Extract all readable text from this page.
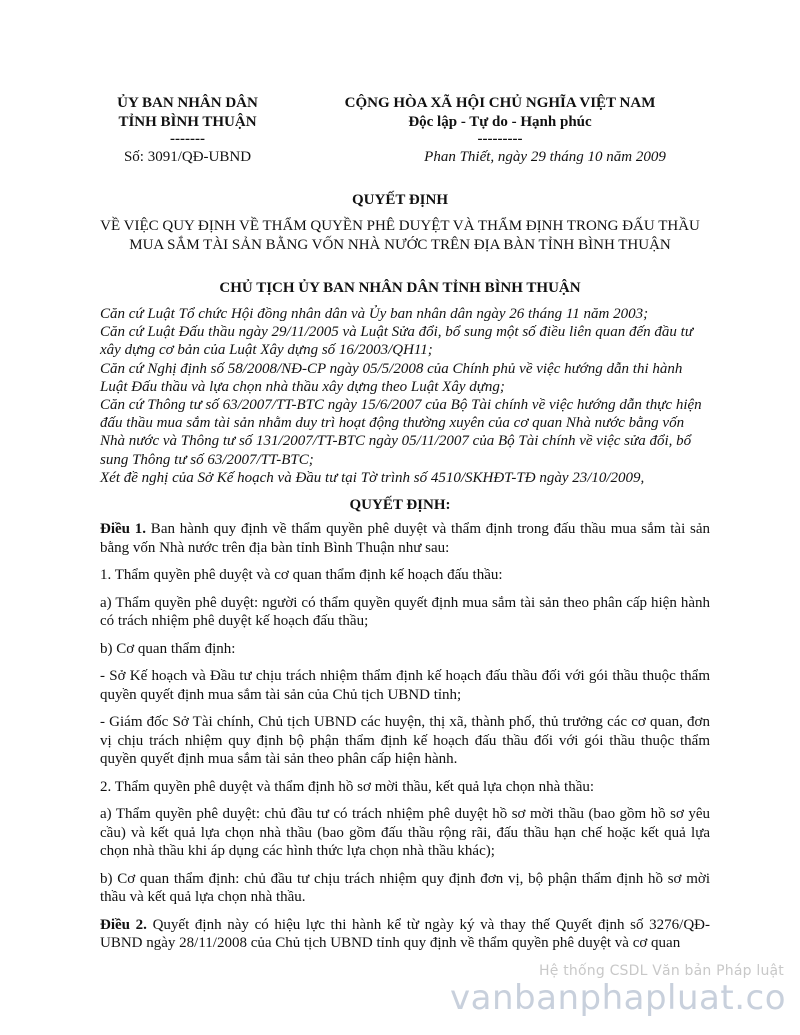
ỦY BAN NHÂN DÂN
TỈNH BÌNH THUẬN
-------
CỘNG HÒA XÃ HỘI CHỦ NGHĨA VIỆT NAM
Độc lập - Tự do - Hạnh phúc
---------
Số: 3091/QĐ-UBND	Phan Thiết, ngày 29 tháng 10 năm 2009
QUYẾT ĐỊNH
VỀ VIỆC QUY ĐỊNH VỀ THẨM QUYỀN PHÊ DUYỆT VÀ THẨM ĐỊNH TRONG ĐẤU THẦU MUA SẮM TÀI SẢN BẰNG VỐN NHÀ NƯỚC TRÊN ĐỊA BÀN TỈNH BÌNH THUẬN
CHỦ TỊCH ỦY BAN NHÂN DÂN TỈNH BÌNH THUẬN

Căn cứ Luật Tổ chức Hội đồng nhân dân và Ủy ban nhân dân ngày 26 tháng 11 năm 2003;

Căn cứ Luật Đấu thầu ngày 29/11/2005 và Luật Sửa đổi, bổ sung một số điều liên quan đến đầu tư xây dựng cơ bản của Luật Xây dựng số 16/2003/QH11;

Căn cứ Nghị định số 58/2008/NĐ-CP ngày 05/5/2008 của Chính phủ về việc hướng dẫn thi hành Luật Đấu thầu và lựa chọn nhà thầu xây dựng theo Luật Xây dựng;

Căn cứ Thông tư số 63/2007/TT-BTC ngày 15/6/2007 của Bộ Tài chính về việc hướng dẫn thực hiện đấu thầu mua sắm tài sản nhằm duy trì hoạt động thường xuyên của cơ quan Nhà nước bằng vốn Nhà nước và Thông tư số 131/2007/TT-BTC ngày 05/11/2007 của Bộ Tài chính về việc sửa đổi, bổ sung Thông tư số 63/2007/TT-BTC;

Xét đề nghị của Sở Kế hoạch và Đầu tư tại Tờ trình số 4510/SKHĐT-TĐ ngày 23/10/2009,

QUYẾT ĐỊNH:

Điều 1. Ban hành quy định về thẩm quyền phê duyệt và thẩm định trong đấu thầu mua sắm tài sản bằng vốn Nhà nước trên địa bàn tỉnh Bình Thuận như sau:

1. Thẩm quyền phê duyệt và cơ quan thẩm định kế hoạch đấu thầu:

a) Thẩm quyền phê duyệt: người có thẩm quyền quyết định mua sắm tài sản theo phân cấp hiện hành có trách nhiệm phê duyệt kế hoạch đấu thầu;

b) Cơ quan thẩm định:

- Sở Kế hoạch và Đầu tư chịu trách nhiệm thẩm định kế hoạch đấu thầu đối với gói thầu thuộc thẩm quyền quyết định mua sắm tài sản của Chủ tịch UBND tỉnh;

- Giám đốc Sở Tài chính, Chủ tịch UBND các huyện, thị xã, thành phố, thủ trưởng các cơ quan, đơn vị chịu trách nhiệm quy định bộ phận thẩm định kế hoạch đấu thầu đối với gói thầu thuộc thẩm quyền quyết định mua sắm tài sản theo phân cấp hiện hành.

2. Thẩm quyền phê duyệt và thẩm định hồ sơ mời thầu, kết quả lựa chọn nhà thầu:

a) Thẩm quyền phê duyệt: chủ đầu tư có trách nhiệm phê duyệt hồ sơ mời thầu (bao gồm hồ sơ yêu cầu) và kết quả lựa chọn nhà thầu (bao gồm đấu thầu rộng rãi, đấu thầu hạn chế hoặc kết quả lựa chọn nhà thầu khi áp dụng các hình thức lựa chọn nhà thầu khác);

b) Cơ quan thẩm định: chủ đầu tư chịu trách nhiệm quy định đơn vị, bộ phận thẩm định hồ sơ mời thầu và kết quả lựa chọn nhà thầu.

Điều 2. Quyết định này có hiệu lực thi hành kể từ ngày ký và thay thế Quyết định số 3276/QĐ-UBND ngày 28/11/2008 của Chủ tịch UBND tỉnh quy định về thẩm quyền phê duyệt và cơ quan

Hệ thống CSDL Văn bản Pháp luật
vanbanphapluat.co
